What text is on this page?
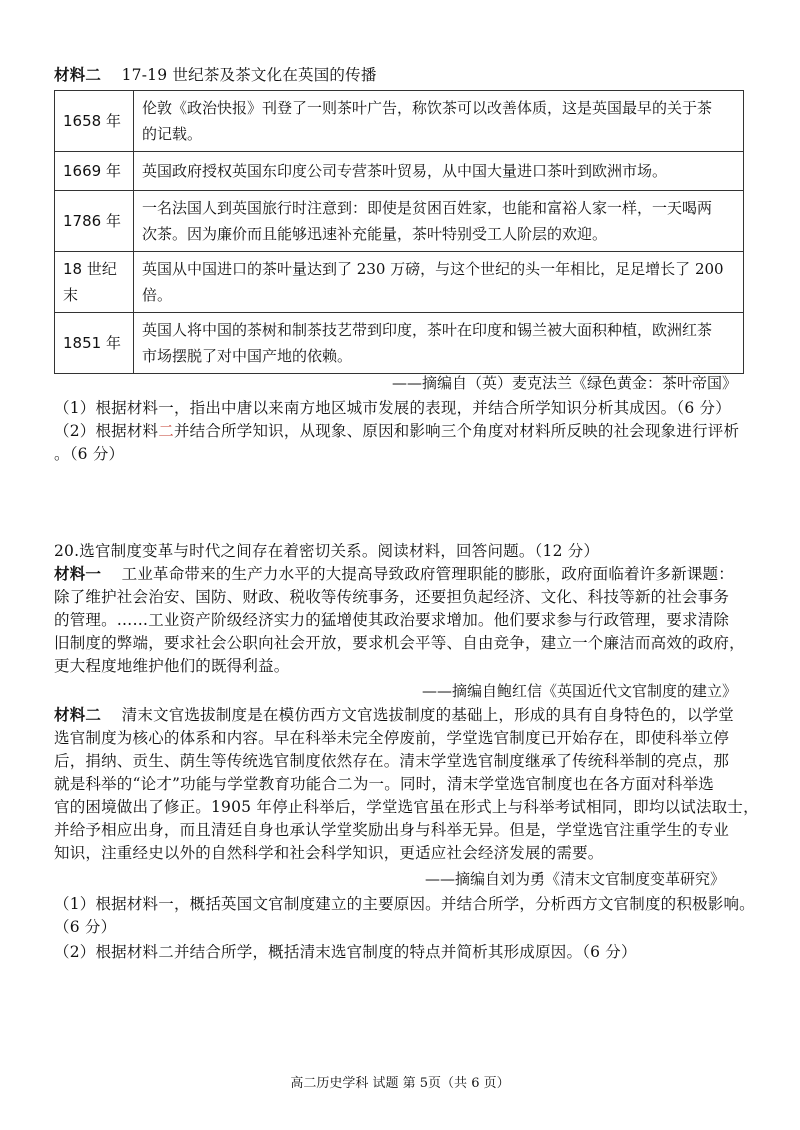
材料二 17-19 世纪茶及茶文化在英国的传播
1658 年	伦敦《政治快报》刊登了一则茶叶广告，称饮茶可以改善体质，这是英国最早的关于茶
的记载。
1669 年	英国政府授权英国东印度公司专营茶叶贸易，从中国大量进口茶叶到欧洲市场。
1786 年	一名法国人到英国旅行时注意到：即使是贫困百姓家，也能和富裕人家一样，一天喝两
次茶。因为廉价而且能够迅速补充能量，茶叶特别受工人阶层的欢迎。
18 世纪末	英国从中国进口的茶叶量达到了 230 万磅，与这个世纪的头一年相比，足足增长了 200
倍。
1851 年	英国人将中国的茶树和制茶技艺带到印度，茶叶在印度和锡兰被大面积种植，欧洲红茶
市场摆脱了对中国产地的依赖。
——摘编自（英）麦克法兰《绿色黄金：茶叶帝国》
（1）根据材料一，指出中唐以来南方地区城市发展的表现，并结合所学知识分析其成因。（6 分）
（2）根据材料二并结合所学知识，从现象、原因和影响三个角度对材料所反映的社会现象进行评析
。（6 分）
20.选官制度变革与时代之间存在着密切关系。阅读材料，回答问题。（12 分）
材料一 工业革命带来的生产力水平的大提高导致政府管理职能的膨胀，政府面临着许多新课题：
除了维护社会治安、国防、财政、税收等传统事务，还要担负起经济、文化、科技等新的社会事务
的管理。……工业资产阶级经济实力的猛增使其政治要求增加。他们要求参与行政管理，要求清除
旧制度的弊端，要求社会公职向社会开放，要求机会平等、自由竞争，建立一个廉洁而高效的政府，
更大程度地维护他们的既得利益。
——摘编自鲍红信《英国近代文官制度的建立》
材料二 清末文官选拔制度是在模仿西方文官选拔制度的基础上，形成的具有自身特色的，以学堂
选官制度为核心的体系和内容。早在科举未完全停废前，学堂选官制度已开始存在，即使科举立停
后，捐纳、贡生、荫生等传统选官制度依然存在。清末学堂选官制度继承了传统科举制的亮点，那
就是科举的“论才”功能与学堂教育功能合二为一。同时，清末学堂选官制度也在各方面对科举选
官的困境做出了修正。1905 年停止科举后，学堂选官虽在形式上与科举考试相同，即均以试法取士，
并给予相应出身，而且清廷自身也承认学堂奖励出身与科举无异。但是，学堂选官注重学生的专业
知识，注重经史以外的自然科学和社会科学知识，更适应社会经济发展的需要。
——摘编自刘为勇《清末文官制度变革研究》
（1）根据材料一，概括英国文官制度建立的主要原因。并结合所学，分析西方文官制度的积极影响。
（6 分）
（2）根据材料二并结合所学，概括清末选官制度的特点并简析其形成原因。（6 分）
高二历史学科 试题 第 5页（共 6 页）
